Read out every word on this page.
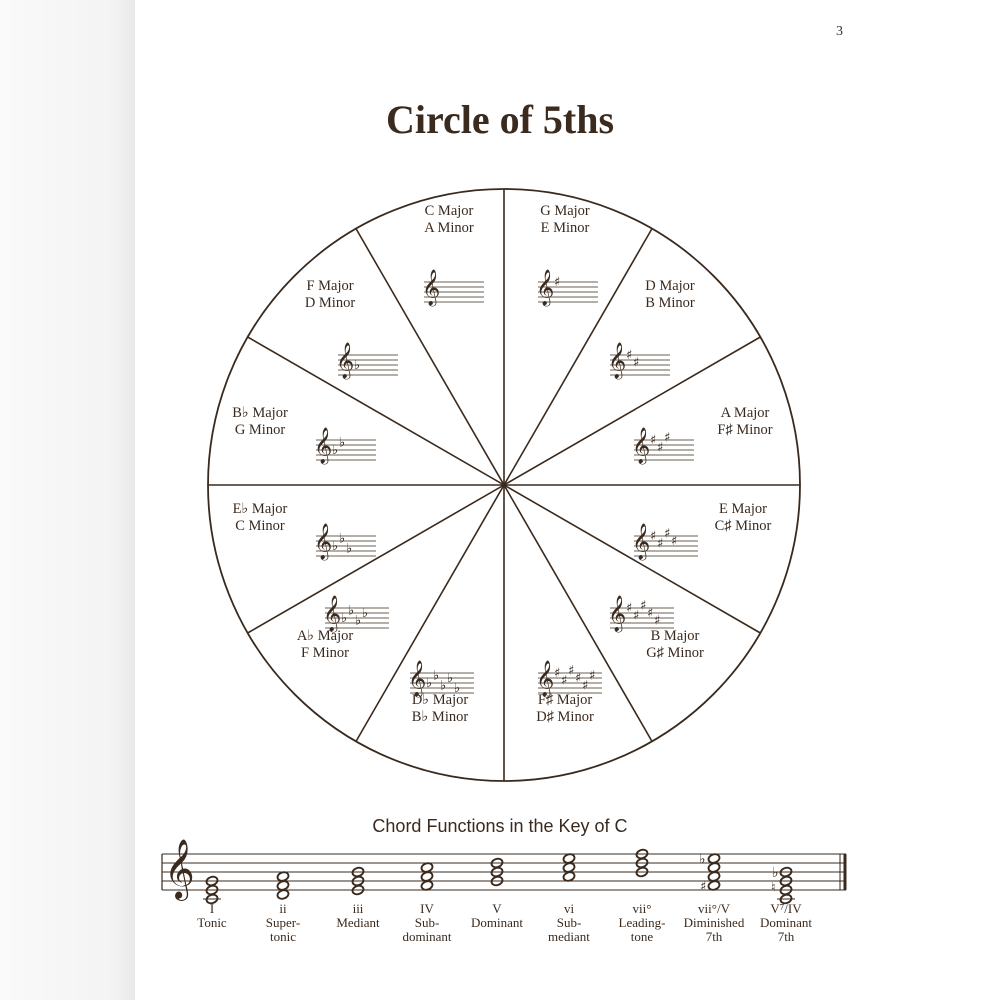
3
Circle of 5ths
𝄞	𝄞 ♯
𝄞 ♯ ♯
𝄞 ♯ ♯
♯
𝄞 ♯ ♯
♯ ♯
𝄞 ♯ ♯
♯ ♯ ♯
𝄞 ♯ ♯
♯ ♯ ♯
♯
𝄞 ♭ ♭
♭ ♭
♭
𝄞 ♭ ♭
♭ ♭
𝄞 ♭ ♭
♭
𝄞 ♭ ♭
𝄞 ♭
C Major
A Minor
G Major
E Minor
D Major
B Minor
A Major
F♯ Minor
E Major
C♯ Minor
B Major
G♯ Minor
F♯ Major
D♯ Minor
D♭ Major
B♭ Minor
A♭ Major
F Minor
E♭ Major
C Minor
B♭ Major
G Minor
F Major
D Minor
Chord Functions in the Key of C
𝄞	♭
♯
♭
♮
I
Tonic
ii
Super-
tonic
iii
Mediant
IV
Sub-
dominant
V
Dominant
vi
Sub-
mediant
vii°
Leading-
tone
vii°/V
Diminished
7th
V⁷/IV
Dominant
7th
